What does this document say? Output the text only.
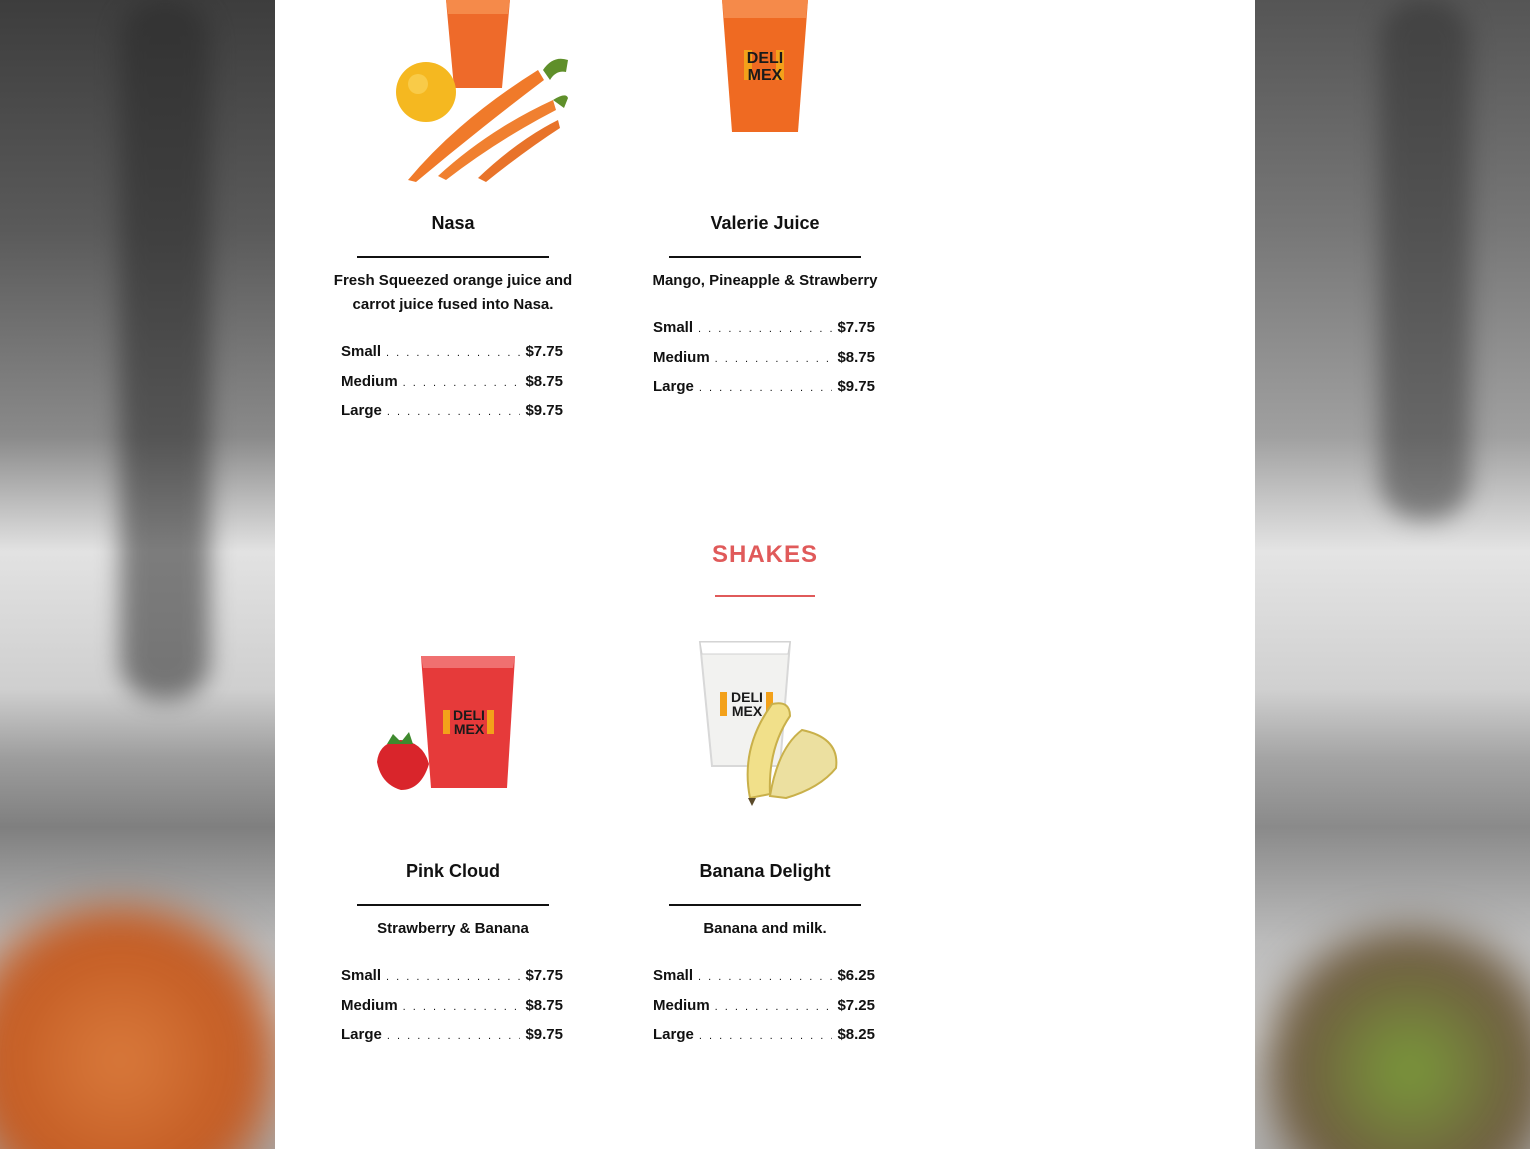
Nasa
Fresh Squeezed orange juice and carrot juice fused into Nasa.
Small . . .	$7.75
Medium . . .	$8.75
Large . . .	$9.75
DELI
MEX
Valerie Juice
Mango, Pineapple & Strawberry
Small . . .	$7.75
Medium . . .	$8.75
Large . . .	$9.75
SHAKES
DELI
MEX
Pink Cloud
Strawberry & Banana
Small . . .	$7.75
Medium . . .	$8.75
Large . . .	$9.75
DELI
MEX
Banana Delight
Banana and milk.
Small . . .	$6.25
Medium . . .	$7.25
Large . . .	$8.25
